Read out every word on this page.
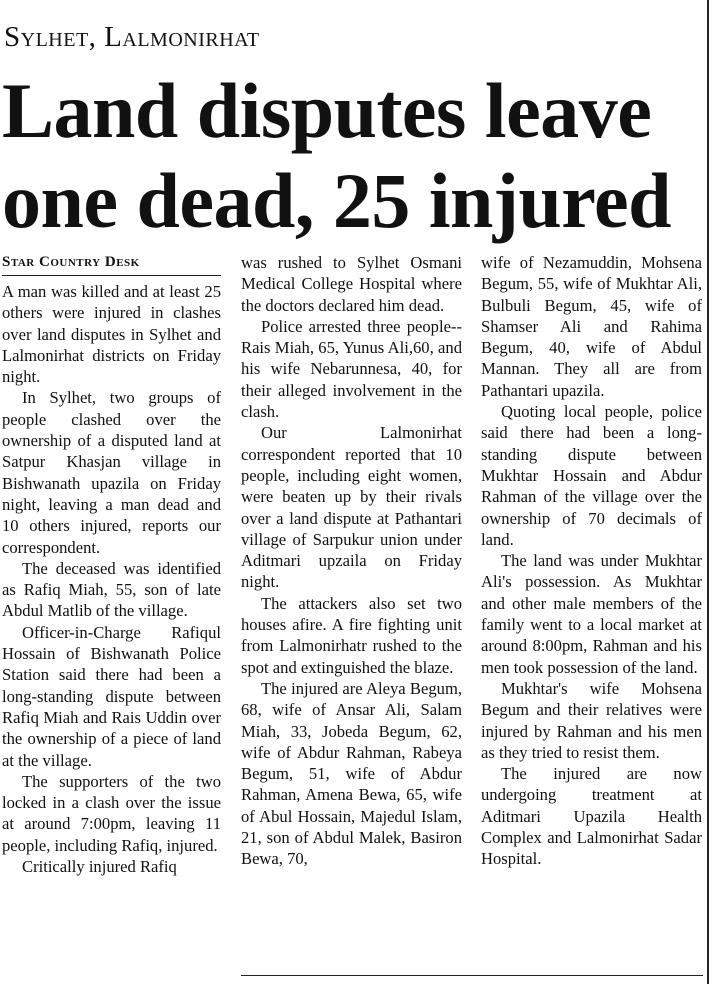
Sylhet, Lalmonirhat
Land disputes leave
one dead, 25 injured
Star Country Desk

A man was killed and at least 25 others were injured in clashes over land disputes in Sylhet and Lalmonirhat districts on Friday night.

In Sylhet, two groups of people clashed over the ownership of a disputed land at Satpur Khasjan village in Bishwanath upazila on Friday night, leaving a man dead and 10 others injured, reports our correspondent.

The deceased was identified as Rafiq Miah, 55, son of late Abdul Matlib of the village.

Officer-in-Charge Rafiqul Hossain of Bishwanath Police Station said there had been a long-standing dispute between Rafiq Miah and Rais Uddin over the ownership of a piece of land at the village.

The supporters of the two locked in a clash over the issue at around 7:00pm, leaving 11 people, including Rafiq, injured.

Critically injured Rafiq

was rushed to Sylhet Osmani Medical College Hospital where the doctors declared him dead.

Police arrested three people-- Rais Miah, 65, Yunus Ali,60, and his wife Nebarunnesa, 40, for their alleged involvement in the clash.

Our Lalmonirhat correspondent reported that 10 people, including eight women, were beaten up by their rivals over a land dispute at Pathantari village of Sarpukur union under Aditmari upzaila on Friday night.

The attackers also set two houses afire. A fire fighting unit from Lalmonirhatr rushed to the spot and extinguished the blaze.

The injured are Aleya Begum, 68, wife of Ansar Ali, Salam Miah, 33, Jobeda Begum, 62, wife of Abdur Rahman, Rabeya Begum, 51, wife of Abdur Rahman, Amena Bewa, 65, wife of Abul Hossain, Majedul Islam, 21, son of Abdul Malek, Basiron Bewa, 70,

wife of Nezamuddin, Mohsena Begum, 55, wife of Mukhtar Ali, Bulbuli Begum, 45, wife of Shamser Ali and Rahima Begum, 40, wife of Abdul Mannan. They all are from Pathantari upazila.

Quoting local people, police said there had been a long-standing dispute between Mukhtar Hossain and Abdur Rahman of the village over the ownership of 70 decimals of land.

The land was under Mukhtar Ali's possession. As Mukhtar and other male members of the family went to a local market at around 8:00pm, Rahman and his men took possession of the land.

Mukhtar's wife Mohsena Begum and their relatives were injured by Rahman and his men as they tried to resist them.

The injured are now undergoing treatment at Aditmari Upazila Health Complex and Lalmonirhat Sadar Hospital.
